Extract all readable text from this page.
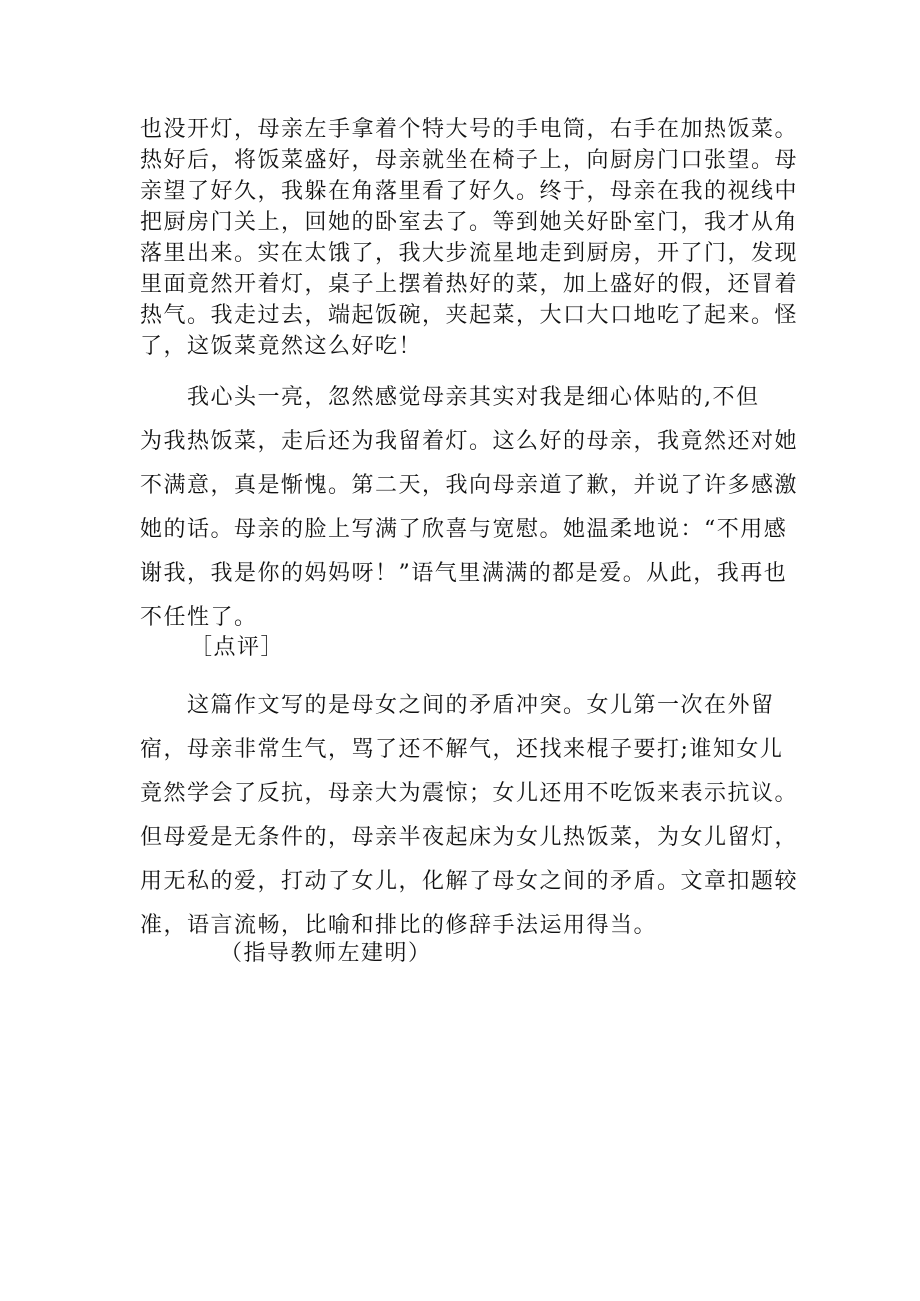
也没开灯，母亲左手拿着个特大号的手电筒，右手在加热饭菜。
热好后，将饭菜盛好，母亲就坐在椅子上，向厨房门口张望。母
亲望了好久，我躲在角落里看了好久。终于，母亲在我的视线中
把厨房门关上，回她的卧室去了。等到她关好卧室门，我才从角
落里出来。实在太饿了，我大步流星地走到厨房，开了门，发现
里面竟然开着灯，桌子上摆着热好的菜，加上盛好的假，还冒着
热气。我走过去，端起饭碗，夹起菜，大口大口地吃了起来。怪
了，这饭菜竟然这么好吃！
　　我心头一亮，忽然感觉母亲其实对我是细心体贴的,不但
为我热饭菜，走后还为我留着灯。这么好的母亲，我竟然还对她
不满意，真是惭愧。第二天，我向母亲道了歉，并说了许多感激
她的话。母亲的脸上写满了欣喜与宽慰。她温柔地说：“不用感
谢我，我是你的妈妈呀！”语气里满满的都是爱。从此，我再也
不任性了。
［点评］
　　这篇作文写的是母女之间的矛盾冲突。女儿第一次在外留
宿，母亲非常生气，骂了还不解气，还找来棍子要打;谁知女儿
竟然学会了反抗，母亲大为震惊；女儿还用不吃饭来表示抗议。
但母爱是无条件的，母亲半夜起床为女儿热饭菜，为女儿留灯，
用无私的爱，打动了女儿，化解了母女之间的矛盾。文章扣题较
准，语言流畅，比喻和排比的修辞手法运用得当。
（指导教师左建明）
